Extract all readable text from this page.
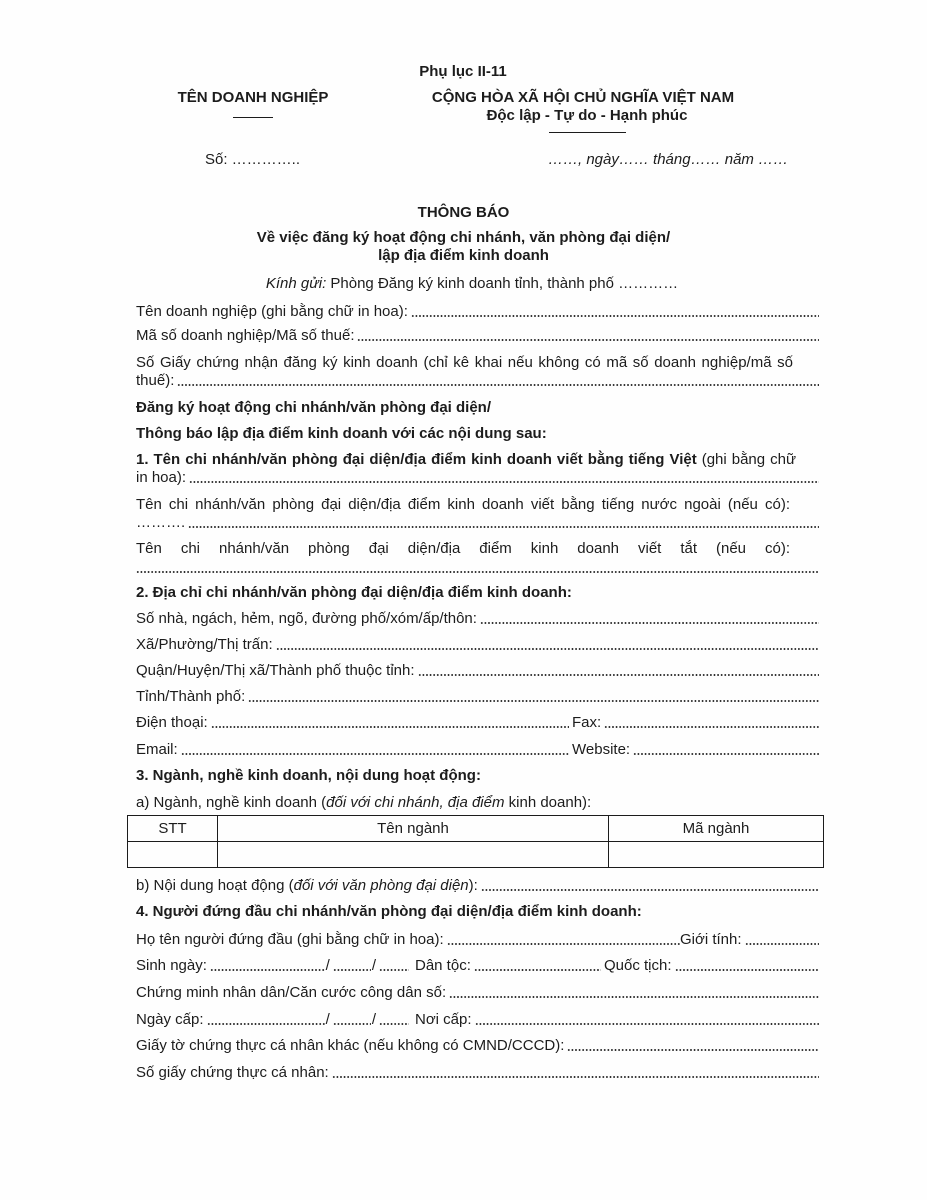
Phụ lục II-11
TÊN DOANH NGHIỆP	CỘNG HÒA XÃ HỘI CHỦ NGHĨA VIỆT NAM
Độc lập - Tự do - Hạnh phúc
Số: …………..	……, ngày…… tháng…… năm ……
THÔNG BÁO
Về việc đăng ký hoạt động chi nhánh, văn phòng đại diện/
lập địa điểm kinh doanh
Kính gửi: Phòng Đăng ký kinh doanh tỉnh, thành phố …………
Tên doanh nghiệp (ghi bằng chữ in hoa):
Mã số doanh nghiệp/Mã số thuế:
Số Giấy chứng nhận đăng ký kinh doanh (chỉ kê khai nếu không có mã số doanh nghiệp/mã số
thuế):
Đăng ký hoạt động chi nhánh/văn phòng đại diện/
Thông báo lập địa điểm kinh doanh với các nội dung sau:
1. Tên chi nhánh/văn phòng đại diện/địa điểm kinh doanh viết bằng tiếng Việt (ghi bằng chữ
in hoa):
Tên chi nhánh/văn phòng đại diện/địa điểm kinh doanh viết bằng tiếng nước ngoài (nếu có):
……….
Tên chi nhánh/văn phòng đại diện/địa điểm kinh doanh viết tắt (nếu có):
2. Địa chỉ chi nhánh/văn phòng đại diện/địa điểm kinh doanh:
Số nhà, ngách, hẻm, ngõ, đường phố/xóm/ấp/thôn:
Xã/Phường/Thị trấn:
Quận/Huyện/Thị xã/Thành phố thuộc tỉnh:
Tỉnh/Thành phố:
Điện thoại:	Fax:
Email:	Website:
3. Ngành, nghề kinh doanh, nội dung hoạt động:
a) Ngành, nghề kinh doanh (đối với chi nhánh, địa điểm kinh doanh):
STT	Tên ngành	Mã ngành

b) Nội dung hoạt động ( đối với văn phòng đại diện ):
4. Người đứng đầu chi nhánh/văn phòng đại diện/địa điểm kinh doanh:
Họ tên người đứng đầu (ghi bằng chữ in hoa):	Giới tính:
Sinh ngày:	/	/	Dân tộc:	Quốc tịch:
Chứng minh nhân dân/Căn cước công dân số:
Ngày cấp:	/	/	Nơi cấp:
Giấy tờ chứng thực cá nhân khác (nếu không có CMND/CCCD):
Số giấy chứng thực cá nhân:
